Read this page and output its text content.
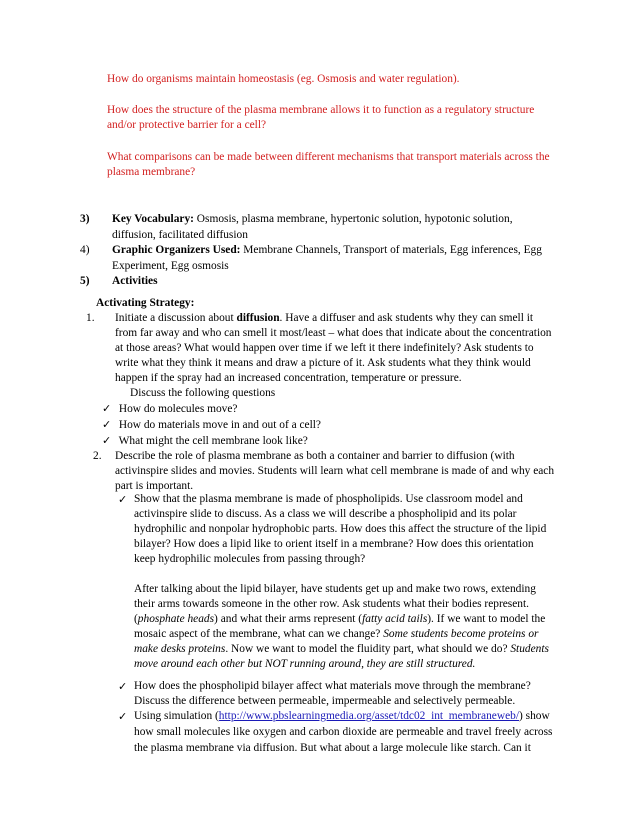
How do organisms maintain homeostasis (eg. Osmosis and water regulation).
How does the structure of the plasma membrane allows it to function as a regulatory structure
and/or protective barrier for a cell?
What comparisons can be made between different mechanisms that transport materials across the
plasma membrane?
3) Key Vocabulary: Osmosis, plasma membrane, hypertonic solution, hypotonic solution,
diffusion, facilitated diffusion
4) Graphic Organizers Used: Membrane Channels, Transport of materials, Egg inferences, Egg
Experiment, Egg osmosis
5) Activities
Activating Strategy:
1. Initiate a discussion about diffusion. Have a diffuser and ask students why they can smell it
from far away and who can smell it most/least – what does that indicate about the concentration
at those areas? What would happen over time if we left it there indefinitely? Ask students to
write what they think it means and draw a picture of it. Ask students what they think would
happen if the spray had an increased concentration, temperature or pressure.
Discuss the following questions
✓ How do molecules move?
✓ How do materials move in and out of a cell?
✓ What might the cell membrane look like?
2. Describe the role of plasma membrane as both a container and barrier to diffusion (with
activinspire slides and movies. Students will learn what cell membrane is made of and why each
part is important.
✓ Show that the plasma membrane is made of phospholipids. Use classroom model and
activinspire slide to discuss. As a class we will describe a phospholipid and its polar
hydrophilic and nonpolar hydrophobic parts. How does this affect the structure of the lipid
bilayer? How does a lipid like to orient itself in a membrane? How does this orientation
keep hydrophilic molecules from passing through?
After talking about the lipid bilayer, have students get up and make two rows, extending
their arms towards someone in the other row. Ask students what their bodies represent.
(phosphate heads) and what their arms represent (fatty acid tails). If we want to model the
mosaic aspect of the membrane, what can we change? Some students become proteins or
make desks proteins. Now we want to model the fluidity part, what should we do? Students
move around each other but NOT running around, they are still structured.
✓ How does the phospholipid bilayer affect what materials move through the membrane?
Discuss the difference between permeable, impermeable and selectively permeable.
✓ Using simulation (http://www.pbslearningmedia.org/asset/tdc02_int_membraneweb/) show
how small molecules like oxygen and carbon dioxide are permeable and travel freely across
the plasma membrane via diffusion. But what about a large molecule like starch. Can it
